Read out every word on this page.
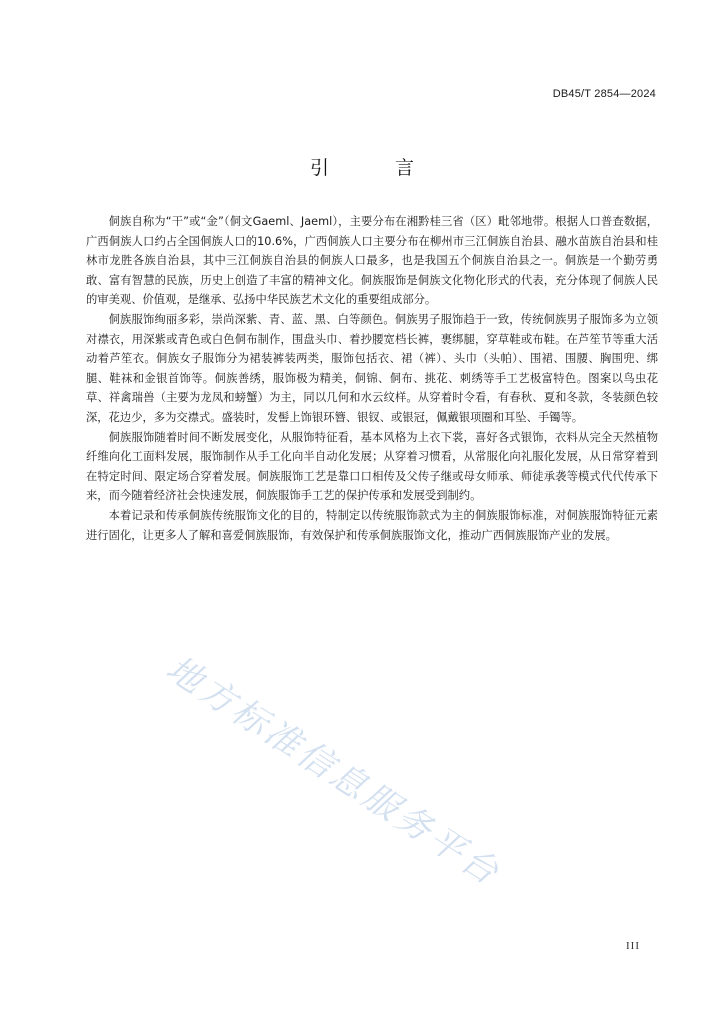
DB45/T 2854—2024
引 言

侗族自称为“干”或“金”（侗文Gaeml、Jaeml），主要分布在湘黔桂三省（区）毗邻地带。根据人口普查数据，广西侗族人口约占全国侗族人口的10.6%，广西侗族人口主要分布在柳州市三江侗族自治县、融水苗族自治县和桂林市龙胜各族自治县，其中三江侗族自治县的侗族人口最多，也是我国五个侗族自治县之一。侗族是一个勤劳勇敢、富有智慧的民族，历史上创造了丰富的精神文化。侗族服饰是侗族文化物化形式的代表，充分体现了侗族人民的审美观、价值观，是继承、弘扬中华民族艺术文化的重要组成部分。

侗族服饰绚丽多彩，崇尚深紫、青、蓝、黑、白等颜色。侗族男子服饰趋于一致，传统侗族男子服饰多为立领对襟衣，用深紫或青色或白色侗布制作，围盘头巾、着抄腰宽档长裤，裹绑腿，穿草鞋或布鞋。在芦笙节等重大活动着芦笙衣。侗族女子服饰分为裙装裤装两类，服饰包括衣、裙（裤）、头巾（头帕）、围裙、围腰、胸围兜、绑腿、鞋袜和金银首饰等。侗族善绣，服饰极为精美，侗锦、侗布、挑花、刺绣等手工艺极富特色。图案以鸟虫花草、祥禽瑞兽（主要为龙凤和螃蟹）为主，同以几何和水云纹样。从穿着时令看，有春秋、夏和冬款，冬装颜色较深，花边少，多为交襟式。盛装时，发髻上饰银环簪、银钗、或银冠，佩戴银项圈和耳坠、手镯等。

侗族服饰随着时间不断发展变化，从服饰特征看，基本风格为上衣下裳，喜好各式银饰，衣料从完全天然植物纤维向化工面料发展，服饰制作从手工化向半自动化发展；从穿着习惯看，从常服化向礼服化发展，从日常穿着到在特定时间、限定场合穿着发展。侗族服饰工艺是靠口口相传及父传子继或母女师承、师徒承袭等模式代代传承下来，而今随着经济社会快速发展，侗族服饰手工艺的保护传承和发展受到制约。

本着记录和传承侗族传统服饰文化的目的，特制定以传统服饰款式为主的侗族服饰标准，对侗族服饰特征元素进行固化，让更多人了解和喜爱侗族服饰，有效保护和传承侗族服饰文化，推动广西侗族服饰产业的发展。

地方标准信息服务平台
III
